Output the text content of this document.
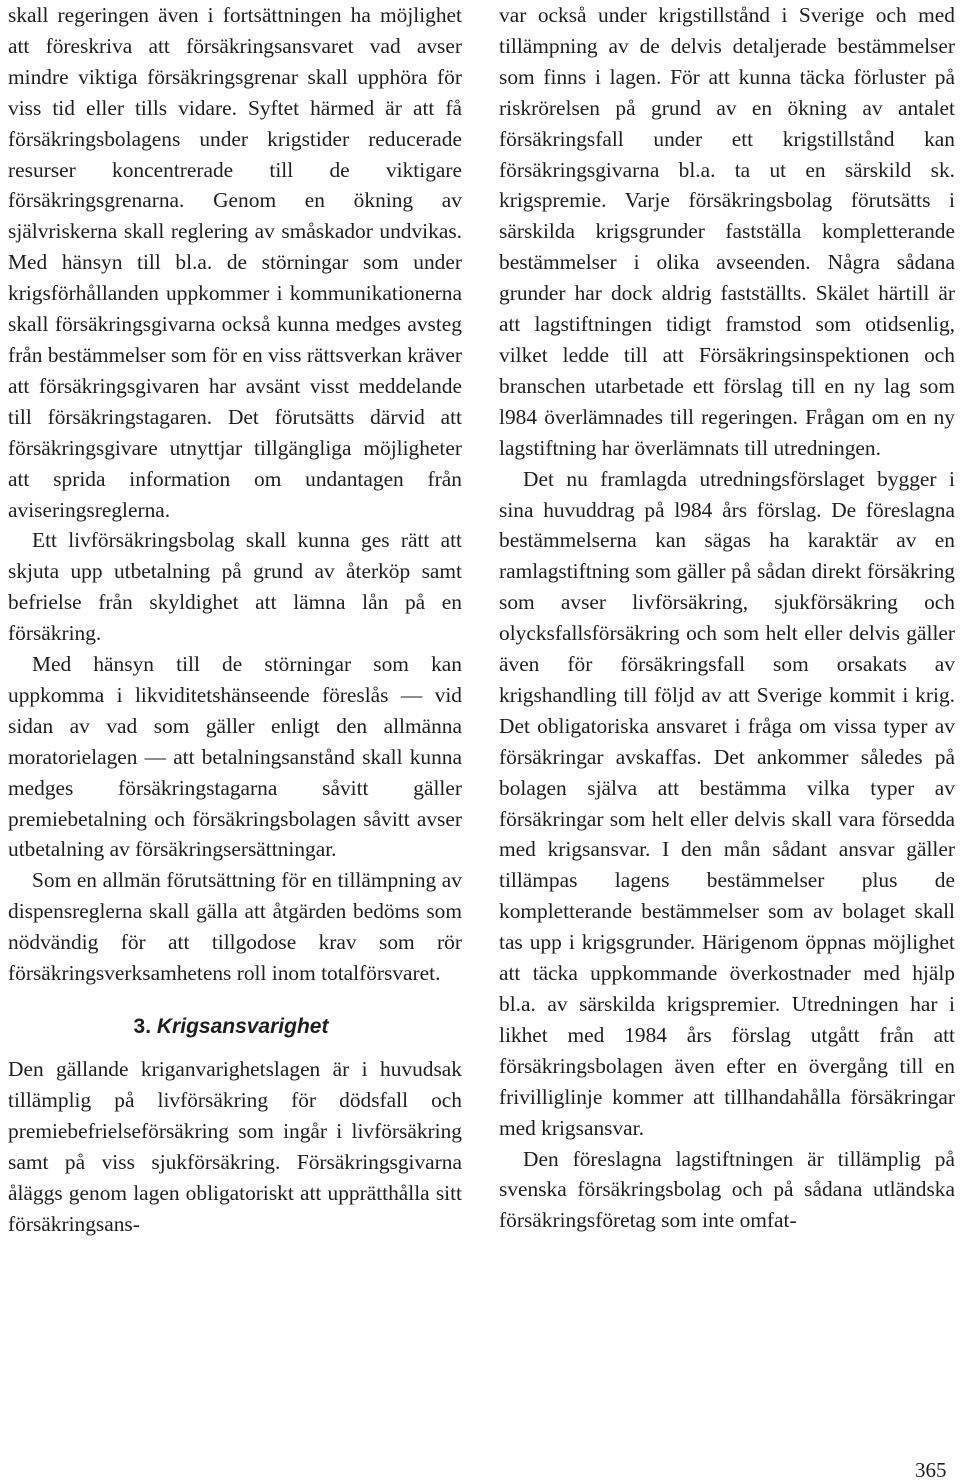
skall regeringen även i fortsättningen ha möjlighet att föreskriva att försäkringsansvaret vad avser mindre viktiga försäkringsgrenar skall upphöra för viss tid eller tills vidare. Syftet härmed är att få försäkringsbolagens under krigstider reducerade resurser koncentrerade till de viktigare försäkringsgrenarna. Genom en ökning av självriskerna skall reglering av småskador undvikas. Med hänsyn till bl.a. de störningar som under krigsförhållanden uppkommer i kommunikationerna skall försäkringsgivarna också kunna medges avsteg från bestämmelser som för en viss rättsverkan kräver att försäkringsgivaren har avsänt visst meddelande till försäkringstagaren. Det förutsätts därvid att försäkringsgivare utnyttjar tillgängliga möjligheter att sprida information om undantagen från aviseringsreglerna.

Ett livförsäkringsbolag skall kunna ges rätt att skjuta upp utbetalning på grund av återköp samt befrielse från skyldighet att lämna lån på en försäkring.

Med hänsyn till de störningar som kan uppkomma i likviditetshänseende föreslås — vid sidan av vad som gäller enligt den allmänna moratorielagen — att betalningsanstånd skall kunna medges försäkringstagarna såvitt gäller premiebetalning och försäkringsbolagen såvitt avser utbetalning av försäkringsersättningar.

Som en allmän förutsättning för en tillämpning av dispensreglerna skall gälla att åtgärden bedöms som nödvändig för att tillgodose krav som rör försäkringsverksamhetens roll inom totalförsvaret.

3. Krigsansvarighet

Den gällande kriganvarighetslagen är i huvudsak tillämplig på livförsäkring för dödsfall och premiebefrielseförsäkring som ingår i livförsäkring samt på viss sjukförsäkring. Försäkringsgivarna åläggs genom lagen obligatoriskt att upprätthålla sitt försäkringsans-

var också under krigstillstånd i Sverige och med tillämpning av de delvis detaljerade bestämmelser som finns i lagen. För att kunna täcka förluster på riskrörelsen på grund av en ökning av antalet försäkringsfall under ett krigstillstånd kan försäkringsgivarna bl.a. ta ut en särskild sk. krigspremie. Varje försäkringsbolag förutsätts i särskilda krigsgrunder fastställa kompletterande bestämmelser i olika avseenden. Några sådana grunder har dock aldrig fastställts. Skälet härtill är att lagstiftningen tidigt framstod som otidsenlig, vilket ledde till att Försäkringsinspektionen och branschen utarbetade ett förslag till en ny lag som l984 överlämnades till regeringen. Frågan om en ny lagstiftning har överlämnats till utredningen.

Det nu framlagda utredningsförslaget bygger i sina huvuddrag på l984 års förslag. De föreslagna bestämmelserna kan sägas ha karaktär av en ramlagstiftning som gäller på sådan direkt försäkring som avser livförsäkring, sjukförsäkring och olycksfallsförsäkring och som helt eller delvis gäller även för försäkringsfall som orsakats av krigshandling till följd av att Sverige kommit i krig. Det obligatoriska ansvaret i fråga om vissa typer av försäkringar avskaffas. Det ankommer således på bolagen själva att bestämma vilka typer av försäkringar som helt eller delvis skall vara försedda med krigsansvar. I den mån sådant ansvar gäller tillämpas lagens bestämmelser plus de kompletterande bestämmelser som av bolaget skall tas upp i krigsgrunder. Härigenom öppnas möjlighet att täcka uppkommande överkostnader med hjälp bl.a. av särskilda krigspremier. Utredningen har i likhet med 1984 års förslag utgått från att försäkringsbolagen även efter en övergång till en frivilliglinje kommer att tillhandahålla försäkringar med krigsansvar.

Den föreslagna lagstiftningen är tillämplig på svenska försäkringsbolag och på sådana utländska försäkringsföretag som inte omfat-

365
